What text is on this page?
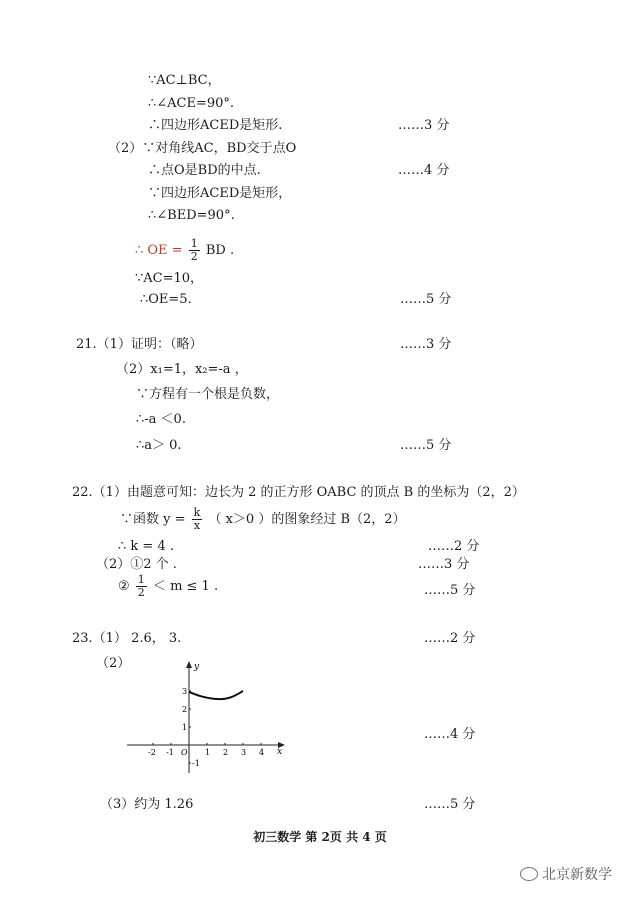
∵AC⊥BC，
∴∠ACE=90°.
∴四边形ACED是矩形.	……3 分
（2）∵对角线AC，BD交于点O
∴点O是BD的中点.	……4 分
∵四边形ACED是矩形，
∴∠BED=90°.
∴ OE = $\frac{1}{2}$ BD .
∵AC=10，
∴OE=5.	……5 分
21.（1）证明：（略）	……3 分
（2）x₁=1，x₂=-a ，
∵方程有一个根是负数，
∴-a ＜0.
∴a＞ 0.	……5 分
22.（1）由题意可知：边长为 2 的正方形 OABC 的顶点 B 的坐标为（2，2）
∵函数 $y = \frac{k}{x}$ （ x＞0 ）的图象经过 B（2，2）
∴ k = 4 .	……2 分
（2）①2 个 .	……3 分
② $\frac{1}{2} < m \le 1$ .	……5 分
23.（1） 2.6， 3.	……2 分
（2）
x
y
-2 -1 O 1 2 3 4
3
2
1
-1
……4 分
（3）约为 1.26	……5 分
初三数学 第 2页 共 4 页
北京新数学
